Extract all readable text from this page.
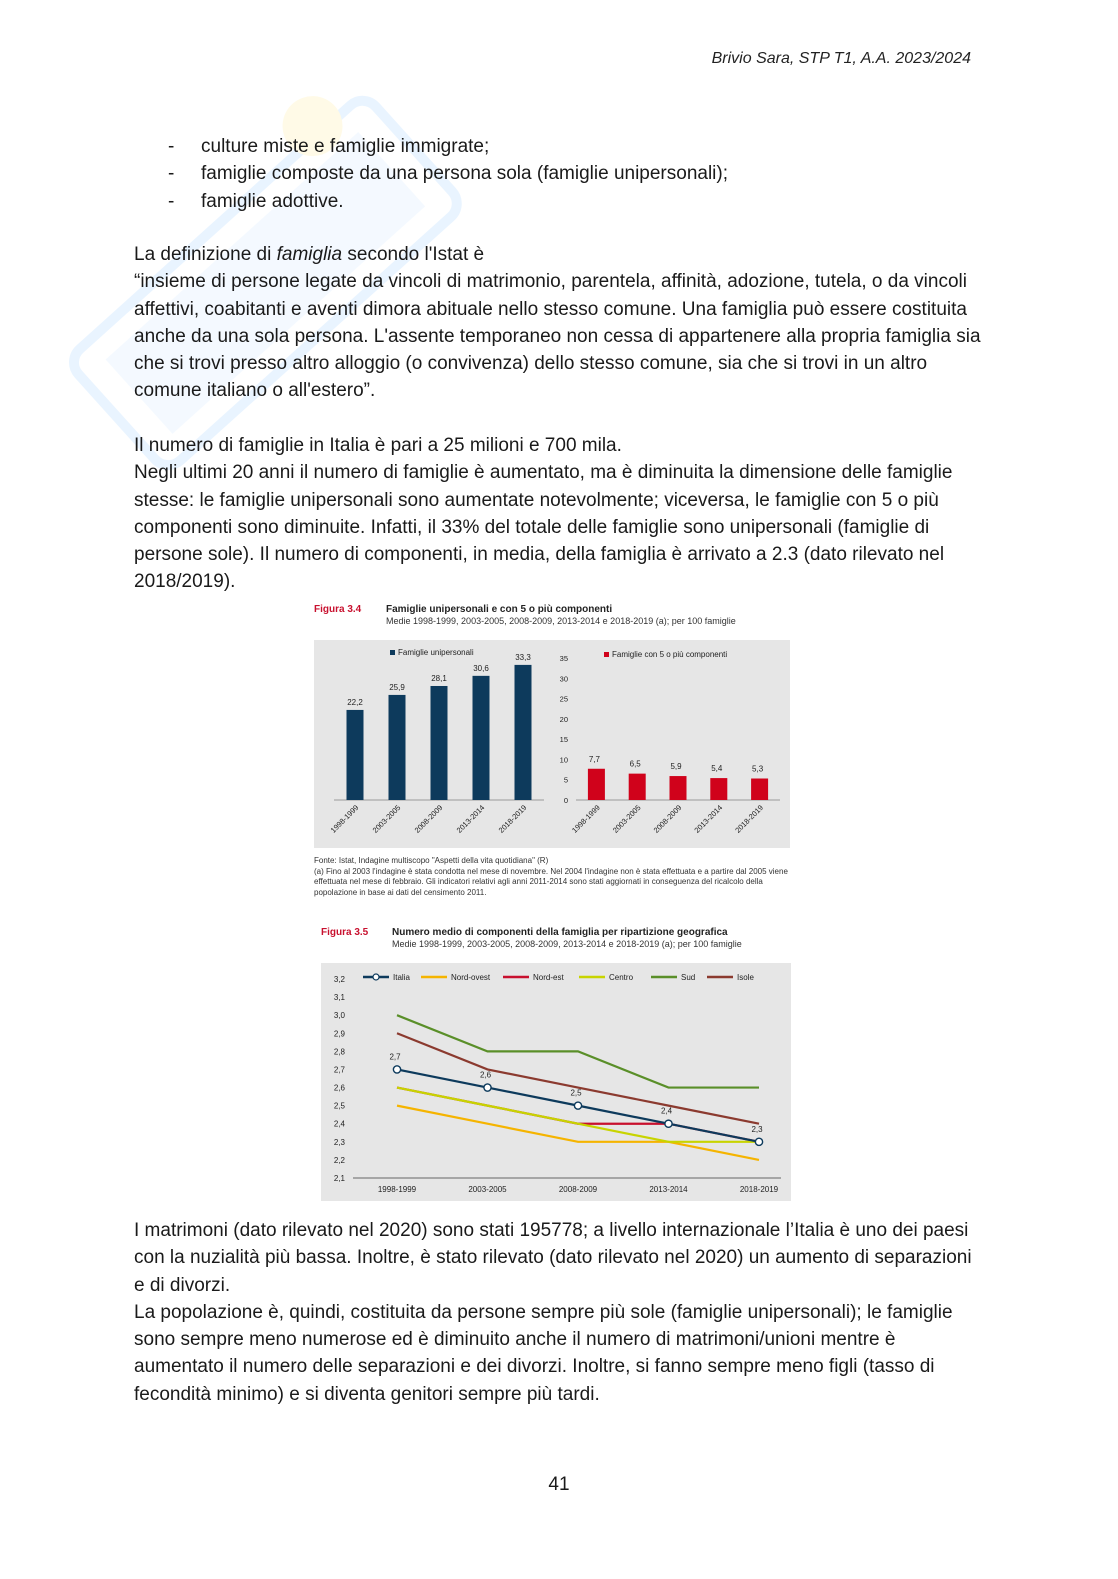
Brivio Sara, STP T1, A.A. 2023/2024
-	culture miste e famiglie immigrate;
-	famiglie composte da una persona sola (famiglie unipersonali);
-	famiglie adottive.

La definizione di famiglia secondo l'Istat è

“insieme di persone legate da vincoli di matrimonio, parentela, affinità, adozione, tutela, o da vincoli affettivi, coabitanti e aventi dimora abituale nello stesso comune. Una famiglia può essere costituita anche da una sola persona. L'assente temporaneo non cessa di appartenere alla propria famiglia sia che si trovi presso altro alloggio (o convivenza) dello stesso comune, sia che si trovi in un altro comune italiano o all'estero”.

Il numero di famiglie in Italia è pari a 25 milioni e 700 mila.

Negli ultimi 20 anni il numero di famiglie è aumentato, ma è diminuita la dimensione delle famiglie stesse: le famiglie unipersonali sono aumentate notevolmente; viceversa, le famiglie con 5 o più componenti sono diminuite. Infatti, il 33% del totale delle famiglie sono unipersonali (famiglie di persone sole). Il numero di componenti, in media, della famiglia è arrivato a 2.3 (dato rilevato nel 2018/2019).

Figura 3.4 Famiglie unipersonali e con 5 o più componenti
Medie 1998-1999, 2003-2005, 2008-2009, 2013-2014 e 2018-2019 (a); per 100 famiglie
Famiglie unipersonali
22,2
1998-1999
25,9
2003-2005
28,1
2008-2009
30,6
2013-2014
33,3
2018-2019
Famiglie con 5 o più componenti
0
5
10
15
20
25
30
35
7,7
1998-1999
6,5
2003-2005
5,9
2008-2009
5,4
2013-2014
5,3
2018-2019
Fonte: Istat, Indagine multiscopo "Aspetti della vita quotidiana" (R)
(a) Fino al 2003 l'indagine è stata condotta nel mese di novembre. Nel 2004 l'indagine non è stata effettuata e a partire dal 2005 viene effettuata nel mese di febbraio. Gli indicatori relativi agli anni 2011-2014 sono stati aggiornati in conseguenza del ricalcolo della popolazione in base ai dati del censimento 2011.
Figura 3.5 Numero medio di componenti della famiglia per ripartizione geografica
Medie 1998-1999, 2003-2005, 2008-2009, 2013-2014 e 2018-2019 (a); per 100 famiglie
2,1
2,2
2,3
2,4
2,5
2,6
2,7
2,8
2,9
3,0
3,1
3,2
1998-1999	2003-2005	2008-2009	2013-2014	2018-2019
Italia	Nord-ovest	Nord-est	Centro	Sud	Isole
2,7
2,6
2,5
2,4
2,3

I matrimoni (dato rilevato nel 2020) sono stati 195778; a livello internazionale l’Italia è uno dei paesi con la nuzialità più bassa. Inoltre, è stato rilevato (dato rilevato nel 2020) un aumento di separazioni e di divorzi.

La popolazione è, quindi, costituita da persone sempre più sole (famiglie unipersonali); le famiglie sono sempre meno numerose ed è diminuito anche il numero di matrimoni/unioni mentre è aumentato il numero delle separazioni e dei divorzi. Inoltre, si fanno sempre meno figli (tasso di fecondità minimo) e si diventa genitori sempre più tardi.

41
